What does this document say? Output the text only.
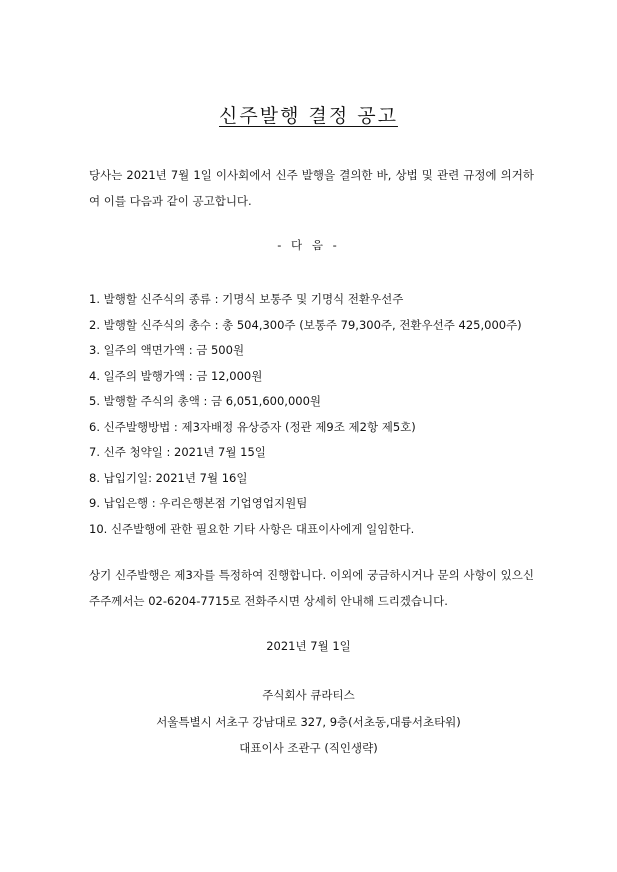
신주발행 결정 공고
당사는 2021년 7월 1일 이사회에서 신주 발행을 결의한 바, 상법 및 관련 규정에 의거하여 이를 다음과 같이 공고합니다.
- 다 음 -
1. 발행할 신주식의 종류 : 기명식 보통주 및 기명식 전환우선주
2. 발행할 신주식의 총수 : 총 504,300주 (보통주 79,300주, 전환우선주 425,000주)
3. 일주의 액면가액 : 금 500원
4. 일주의 발행가액 : 금 12,000원
5. 발행할 주식의 총액 : 금 6,051,600,000원
6. 신주발행방법 : 제3자배정 유상증자 (정관 제9조 제2항 제5호)
7. 신주 청약일 : 2021년 7월 15일
8. 납입기일: 2021년 7월 16일
9. 납입은행 : 우리은행본점 기업영업지원팀
10. 신주발행에 관한 필요한 기타 사항은 대표이사에게 일임한다.
상기 신주발행은 제3자를 특정하여 진행합니다. 이외에 궁금하시거나 문의 사항이 있으신 주주께서는 02-6204-7715로 전화주시면 상세히 안내해 드리겠습니다.
2021년 7월 1일
주식회사 큐라티스
서울특별시 서초구 강남대로 327, 9층(서초동,대륭서초타워)
대표이사 조관구 (직인생략)
